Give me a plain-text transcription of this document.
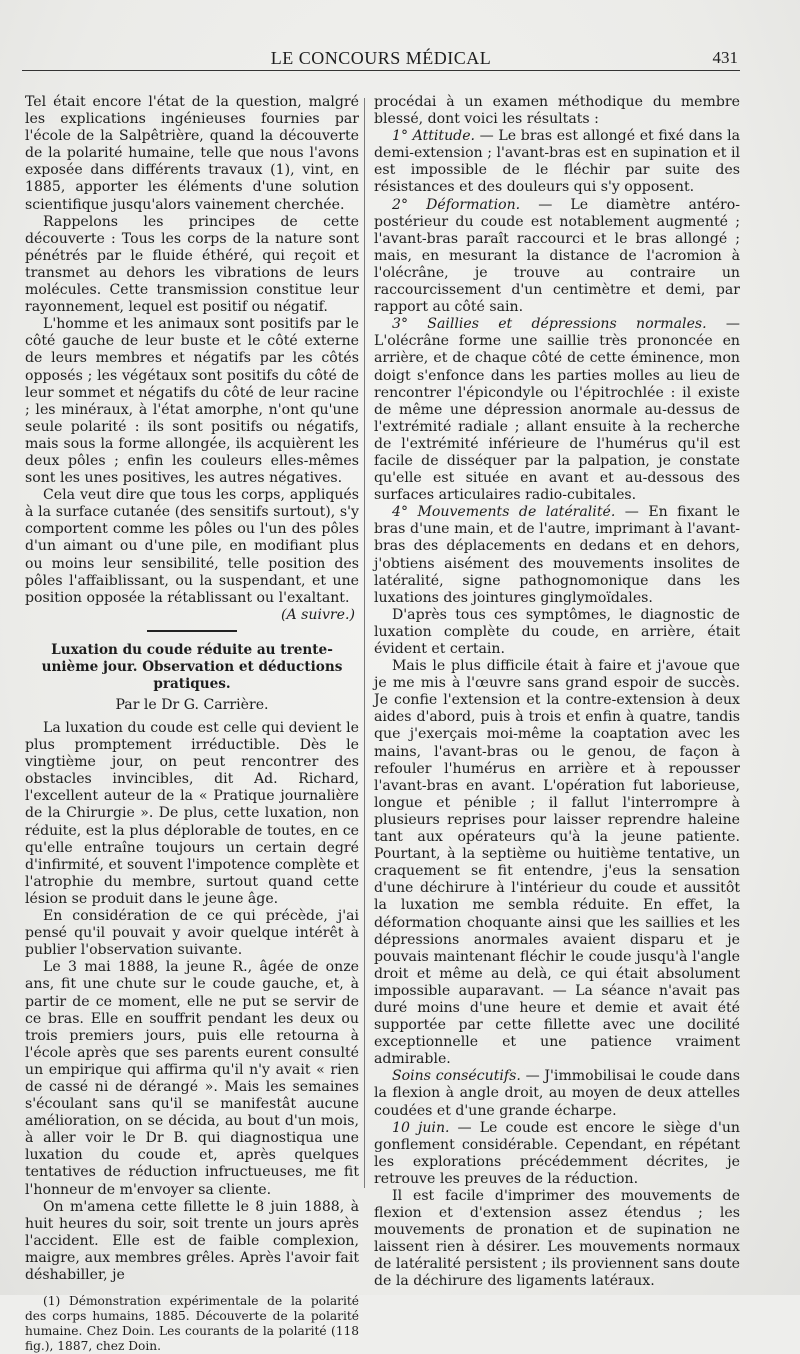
LE CONCOURS MÉDICAL	431

Tel était encore l'état de la question, malgré les explications ingénieuses fournies par l'école de la Salpêtrière, quand la découverte de la polarité humaine, telle que nous l'avons exposée dans différents travaux (1), vint, en 1885, apporter les éléments d'une solution scientifique jusqu'alors vainement cherchée.

Rappelons les principes de cette découverte : Tous les corps de la nature sont pénétrés par le fluide éthéré, qui reçoit et transmet au dehors les vibrations de leurs molécules. Cette transmission constitue leur rayonnement, lequel est positif ou négatif.

L'homme et les animaux sont positifs par le côté gauche de leur buste et le côté externe de leurs membres et négatifs par les côtés opposés ; les végétaux sont positifs du côté de leur sommet et négatifs du côté de leur racine ; les minéraux, à l'état amorphe, n'ont qu'une seule polarité : ils sont positifs ou négatifs, mais sous la forme allongée, ils acquièrent les deux pôles ; enfin les couleurs elles-mêmes sont les unes positives, les autres négatives.

Cela veut dire que tous les corps, appliqués à la surface cutanée (des sensitifs surtout), s'y comportent comme les pôles ou l'un des pôles d'un aimant ou d'une pile, en modifiant plus ou moins leur sensibilité, telle position des pôles l'affaiblissant, ou la suspendant, et une position opposée la rétablissant ou l'exaltant.

(A suivre.)

Luxation du coude réduite au trente-unième jour. Observation et déductions pratiques.

Par le Dr G. Carrière.

La luxation du coude est celle qui devient le plus promptement irréductible. Dès le vingtième jour, on peut rencontrer des obstacles invincibles, dit Ad. Richard, l'excellent auteur de la « Pratique journalière de la Chirurgie ». De plus, cette luxation, non réduite, est la plus déplorable de toutes, en ce qu'elle entraîne toujours un certain degré d'infirmité, et souvent l'impotence complète et l'atrophie du membre, surtout quand cette lésion se produit dans le jeune âge.

En considération de ce qui précède, j'ai pensé qu'il pouvait y avoir quelque intérêt à publier l'observation suivante.

Le 3 mai 1888, la jeune R., âgée de onze ans, fit une chute sur le coude gauche, et, à partir de ce moment, elle ne put se servir de ce bras. Elle en souffrit pendant les deux ou trois premiers jours, puis elle retourna à l'école après que ses parents eurent consulté un empirique qui affirma qu'il n'y avait « rien de cassé ni de dérangé ». Mais les semaines s'écoulant sans qu'il se manifestât aucune amélioration, on se décida, au bout d'un mois, à aller voir le Dr B. qui diagnostiqua une luxation du coude et, après quelques tentatives de réduction infructueuses, me fit l'honneur de m'envoyer sa cliente.

On m'amena cette fillette le 8 juin 1888, à huit heures du soir, soit trente un jours après l'accident. Elle est de faible complexion, maigre, aux membres grêles. Après l'avoir fait déshabiller, je

(1) Démonstration expérimentale de la polarité des corps humains, 1885. Découverte de la polarité humaine. Chez Doin. Les courants de la polarité (118 fig.), 1887, chez Doin.

procédai à un examen méthodique du membre blessé, dont voici les résultats :

1° Attitude. — Le bras est allongé et fixé dans la demi-extension ; l'avant-bras est en supination et il est impossible de le fléchir par suite des résistances et des douleurs qui s'y opposent.

2° Déformation. — Le diamètre antéro-postérieur du coude est notablement augmenté ; l'avant-bras paraît raccourci et le bras allongé ; mais, en mesurant la distance de l'acromion à l'olécrâne, je trouve au contraire un raccourcissement d'un centimètre et demi, par rapport au côté sain.

3° Saillies et dépressions normales. — L'olécrâne forme une saillie très prononcée en arrière, et de chaque côté de cette éminence, mon doigt s'enfonce dans les parties molles au lieu de rencontrer l'épicondyle ou l'épitrochlée : il existe de même une dépression anormale au-dessus de l'extrémité radiale ; allant ensuite à la recherche de l'extrémité inférieure de l'humérus qu'il est facile de disséquer par la palpation, je constate qu'elle est située en avant et au-dessous des surfaces articulaires radio-cubitales.

4° Mouvements de latéralité. — En fixant le bras d'une main, et de l'autre, imprimant à l'avant-bras des déplacements en dedans et en dehors, j'obtiens aisément des mouvements insolites de latéralité, signe pathognomonique dans les luxations des jointures ginglymoïdales.

D'après tous ces symptômes, le diagnostic de luxation complète du coude, en arrière, était évident et certain.

Mais le plus difficile était à faire et j'avoue que je me mis à l'œuvre sans grand espoir de succès. Je confie l'extension et la contre-extension à deux aides d'abord, puis à trois et enfin à quatre, tandis que j'exerçais moi-même la coaptation avec les mains, l'avant-bras ou le genou, de façon à refouler l'humérus en arrière et à repousser l'avant-bras en avant. L'opération fut laborieuse, longue et pénible ; il fallut l'interrompre à plusieurs reprises pour laisser reprendre haleine tant aux opérateurs qu'à la jeune patiente. Pourtant, à la septième ou huitième tentative, un craquement se fit entendre, j'eus la sensation d'une déchirure à l'intérieur du coude et aussitôt la luxation me sembla réduite. En effet, la déformation choquante ainsi que les saillies et les dépressions anormales avaient disparu et je pouvais maintenant fléchir le coude jusqu'à l'angle droit et même au delà, ce qui était absolument impossible auparavant. — La séance n'avait pas duré moins d'une heure et demie et avait été supportée par cette fillette avec une docilité exceptionnelle et une patience vraiment admirable.

Soins consécutifs. — J'immobilisai le coude dans la flexion à angle droit, au moyen de deux attelles coudées et d'une grande écharpe.

10 juin. — Le coude est encore le siège d'un gonflement considérable. Cependant, en répétant les explorations précédemment décrites, je retrouve les preuves de la réduction.

Il est facile d'imprimer des mouvements de flexion et d'extension assez étendus ; les mouvements de pronation et de supination ne laissent rien à désirer. Les mouvements normaux de latéralité persistent ; ils proviennent sans doute de la déchirure des ligaments latéraux.
